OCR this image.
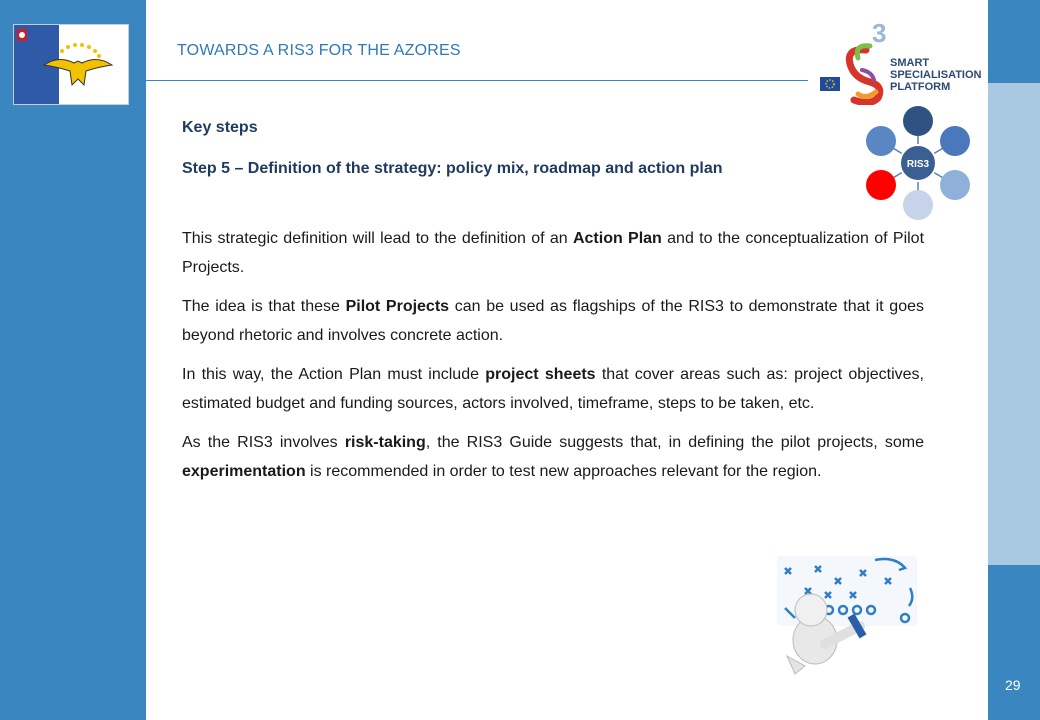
TOWARDS A RIS3 FOR THE AZORES
3
SMART
SPECIALISATION
PLATFORM
RIS3

Key steps

Step 5 – Definition of the strategy: policy mix, roadmap and action plan

This strategic definition will lead to the definition of an Action Plan and to the conceptualization of Pilot Projects.

The idea is that these Pilot Projects can be used as flagships of the RIS3 to demonstrate that it goes beyond rhetoric and involves concrete action.

In this way, the Action Plan must include project sheets that cover areas such as: project objectives, estimated budget and funding sources, actors involved, timeframe, steps to be taken, etc.

As the RIS3 involves risk-taking, the RIS3 Guide suggests that, in defining the pilot projects, some experimentation is recommended in order to test new approaches relevant for the region.

29
